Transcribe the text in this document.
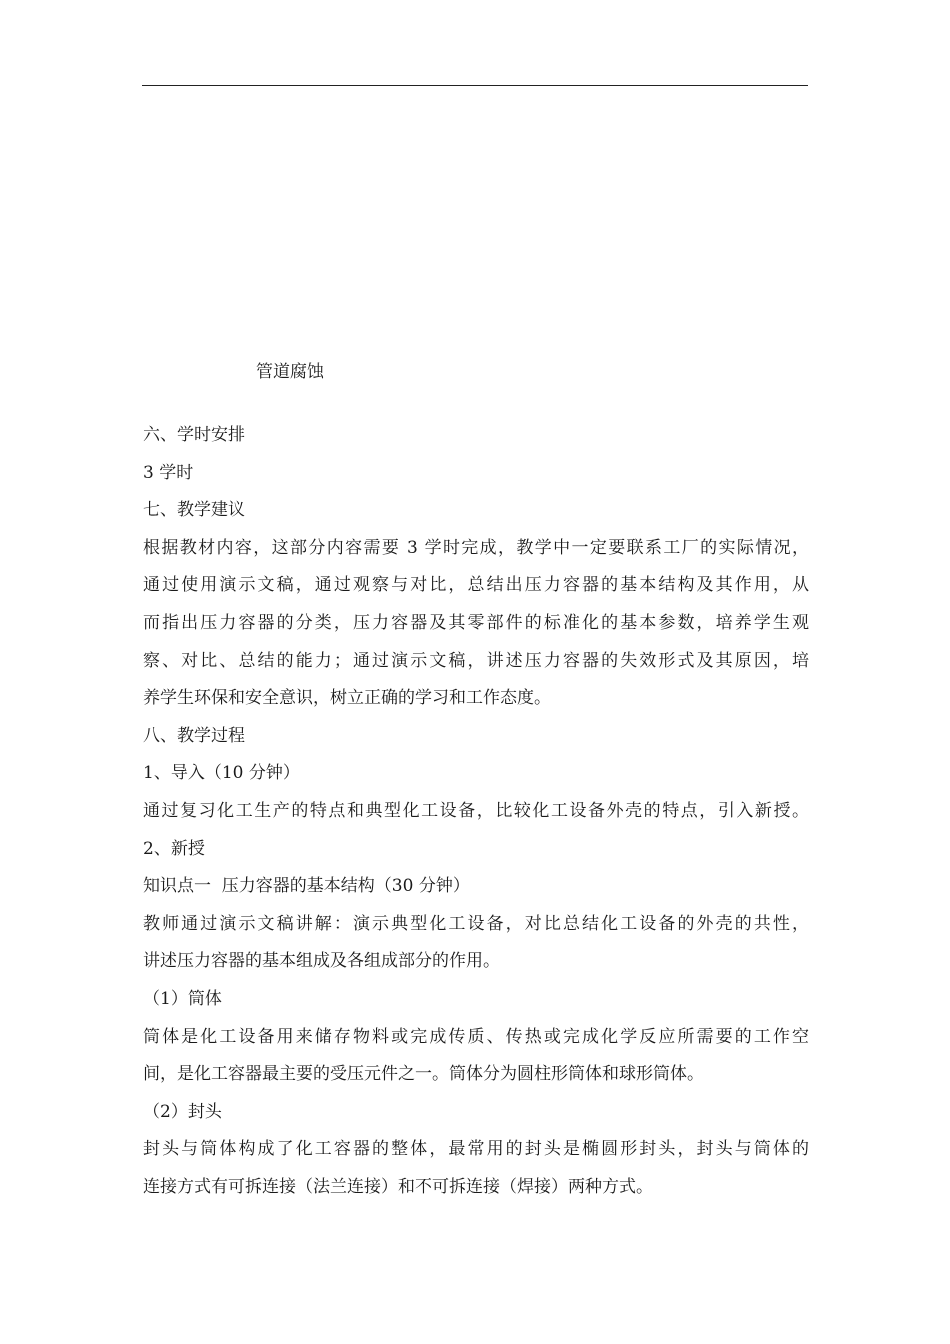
管道腐蚀
六、学时安排
3 学时
七、教学建议
根据教材内容，这部分内容需要 3 学时完成，教学中一定要联系工厂的实际情况，
通过使用演示文稿，通过观察与对比，总结出压力容器的基本结构及其作用，从
而指出压力容器的分类，压力容器及其零部件的标准化的基本参数，培养学生观
察、对比、总结的能力；通过演示文稿，讲述压力容器的失效形式及其原因，培
养学生环保和安全意识，树立正确的学习和工作态度。
八、教学过程
1、导入（10 分钟）
通过复习化工生产的特点和典型化工设备，比较化工设备外壳的特点，引入新授。
2、新授
知识点一  压力容器的基本结构（30 分钟）
教师通过演示文稿讲解：演示典型化工设备，对比总结化工设备的外壳的共性，
讲述压力容器的基本组成及各组成部分的作用。
（1）筒体
筒体是化工设备用来储存物料或完成传质、传热或完成化学反应所需要的工作空
间，是化工容器最主要的受压元件之一。筒体分为圆柱形筒体和球形筒体。
（2）封头
封头与筒体构成了化工容器的整体，最常用的封头是椭圆形封头，封头与筒体的
连接方式有可拆连接（法兰连接）和不可拆连接（焊接）两种方式。
